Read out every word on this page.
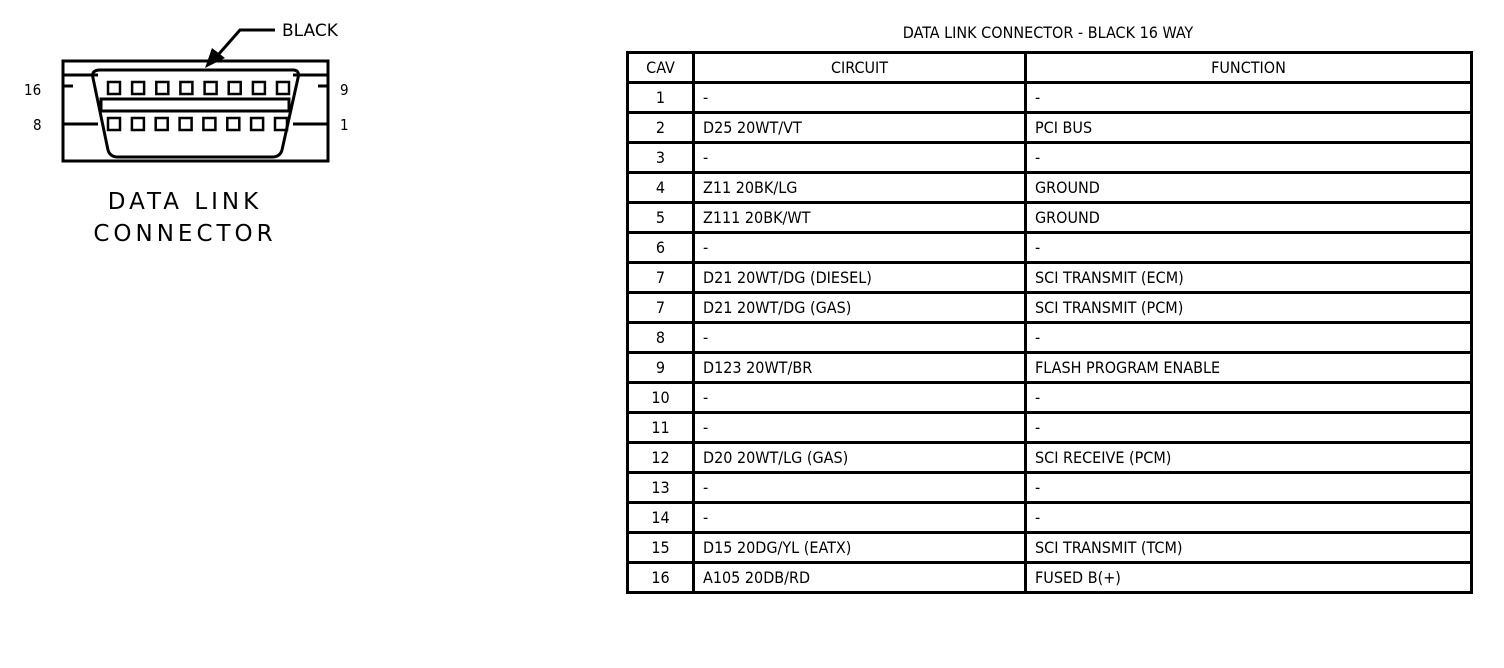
BLACK
16
8
9
1
DATA LINK
CONNECTOR
DATA LINK CONNECTOR - BLACK 16 WAY
CAV	CIRCUIT	FUNCTION
1	-	-
2	D25 20WT/VT	PCI BUS
3	-	-
4	Z11 20BK/LG	GROUND
5	Z111 20BK/WT	GROUND
6	-	-
7	D21 20WT/DG (DIESEL)	SCI TRANSMIT (ECM)
7	D21 20WT/DG (GAS)	SCI TRANSMIT (PCM)
8	-	-
9	D123 20WT/BR	FLASH PROGRAM ENABLE
10	-	-
11	-	-
12	D20 20WT/LG (GAS)	SCI RECEIVE (PCM)
13	-	-
14	-	-
15	D15 20DG/YL (EATX)	SCI TRANSMIT (TCM)
16	A105 20DB/RD	FUSED B(+)
